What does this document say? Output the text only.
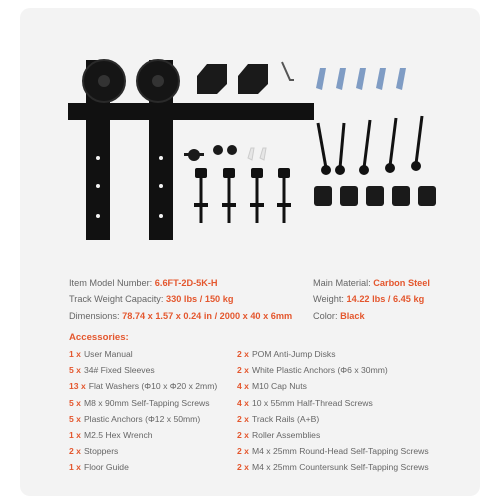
Item Model Number: 6.6FT-2D-5K-H
Track Weight Capacity: 330 lbs / 150 kg
Dimensions: 78.74 x 1.57 x 0.24 in / 2000 x 40 x 6mm
Main Material: Carbon Steel
Weight: 14.22 lbs / 6.45 kg
Color: Black
Accessories:
1 x User Manual
5 x 34# Fixed Sleeves
13 x Flat Washers (Φ10 x Φ20 x 2mm)
5 x M8 x 90mm Self-Tapping Screws
5 x Plastic Anchors (Φ12 x 50mm)
1 x M2.5 Hex Wrench
2 x Stoppers
1 x Floor Guide
2 x POM Anti-Jump Disks
2 x White Plastic Anchors (Φ6 x 30mm)
4 x M10 Cap Nuts
4 x 10 x 55mm Half-Thread Screws
2 x Track Rails (A+B)
2 x Roller Assemblies
2 x M4 x 25mm Round-Head Self-Tapping Screws
2 x M4 x 25mm Countersunk Self-Tapping Screws
